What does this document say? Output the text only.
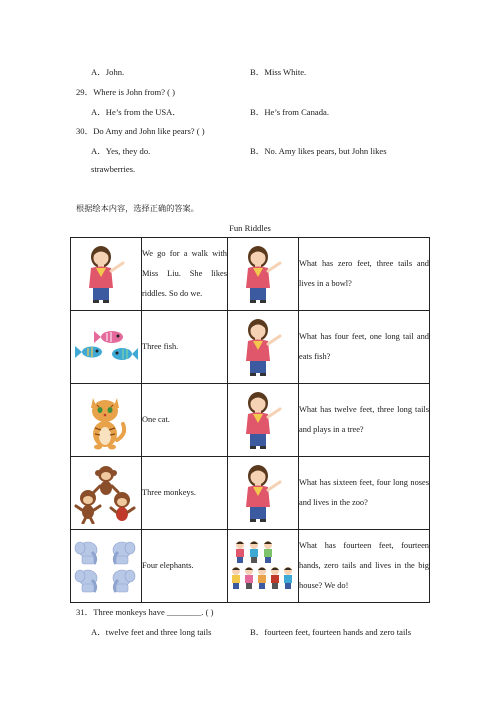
A．John.	B．Miss White.
29．Where is John from? ( )
A．He’s from the USA．	B．He’s from Canada.
30．Do Amy and John like pears? ( )
A．Yes, they do.	B．No. Amy likes pears, but John likes
strawberries.
根据绘本内容，选择正确的答案。
Fun Riddles
	We go for a walk with Miss Liu. She likes riddles. So do we.		What has zero feet, three tails and lives in a bowl?

	Three fish.		What has four feet, one long tail and eats fish?

	One cat.		What has twelve feet, three long tails and plays in a tree?

	Three monkeys.		What has sixteen feet, four long noses and lives in the zoo?

	Four elephants.		What has fourteen feet, fourteen hands, zero tails and lives in the big house? We do!
31．Three monkeys have ________. ( )
A．twelve feet and three long tails	B．fourteen feet, fourteen hands and zero tails
